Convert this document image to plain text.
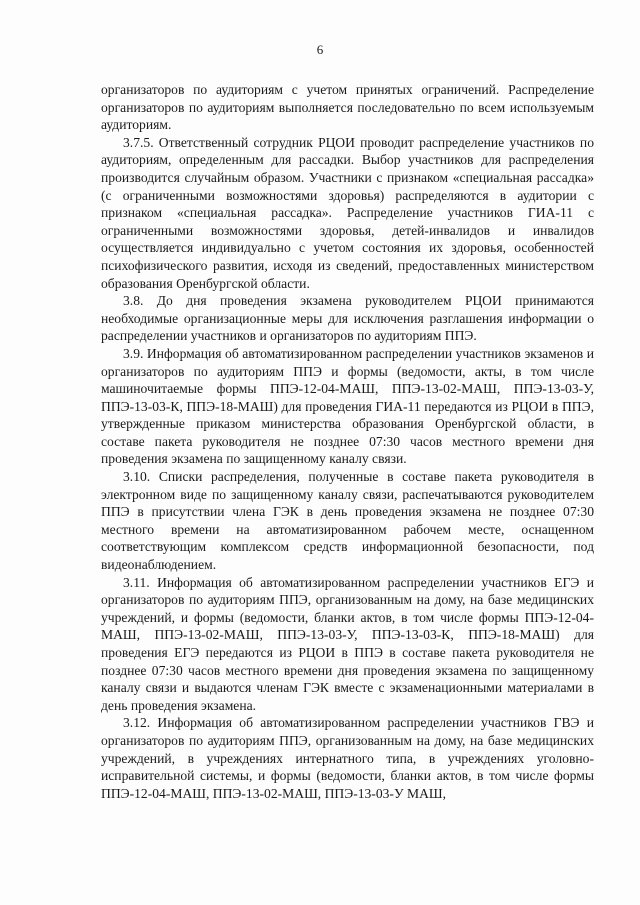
6

организаторов по аудиториям с учетом принятых ограничений. Распределение организаторов по аудиториям выполняется последовательно по всем используемым аудиториям.

3.7.5. Ответственный сотрудник РЦОИ проводит распределение участников по аудиториям, определенным для рассадки. Выбор участников для распределения производится случайным образом. Участники с признаком «специальная рассадка» (с ограниченными возможностями здоровья) распределяются в аудитории с признаком «специальная рассадка». Распределение участников ГИА-11 с ограниченными возможностями здоровья, детей-инвалидов и инвалидов осуществляется индивидуально с учетом состояния их здоровья, особенностей психофизического развития, исходя из сведений, предоставленных министерством образования Оренбургской области.

3.8. До дня проведения экзамена руководителем РЦОИ принимаются необходимые организационные меры для исключения разглашения информации о распределении участников и организаторов по аудиториям ППЭ.

3.9. Информация об автоматизированном распределении участников экзаменов и организаторов по аудиториям ППЭ и формы (ведомости, акты, в том числе машиночитаемые формы ППЭ-12-04-МАШ, ППЭ-13-02-МАШ, ППЭ-13-03-У, ППЭ-13-03-К, ППЭ-18-МАШ) для проведения ГИА-11 передаются из РЦОИ в ППЭ, утвержденные приказом министерства образования Оренбургской области, в составе пакета руководителя не позднее 07:30 часов местного времени дня проведения экзамена по защищенному каналу связи.

3.10. Списки распределения, полученные в составе пакета руководителя в электронном виде по защищенному каналу связи, распечатываются руководителем ППЭ в присутствии члена ГЭК в день проведения экзамена не позднее 07:30 местного времени на автоматизированном рабочем месте, оснащенном соответствующим комплексом средств информационной безопасности, под видеонаблюдением.

3.11. Информация об автоматизированном распределении участников ЕГЭ и организаторов по аудиториям ППЭ, организованным на дому, на базе медицинских учреждений, и формы (ведомости, бланки актов, в том числе формы ППЭ-12-04-МАШ, ППЭ-13-02-МАШ, ППЭ-13-03-У, ППЭ-13-03-К, ППЭ-18-МАШ) для проведения ЕГЭ передаются из РЦОИ в ППЭ в составе пакета руководителя не позднее 07:30 часов местного времени дня проведения экзамена по защищенному каналу связи и выдаются членам ГЭК вместе с экзаменационными материалами в день проведения экзамена.

3.12. Информация об автоматизированном распределении участников ГВЭ и организаторов по аудиториям ППЭ, организованным на дому, на базе медицинских учреждений, в учреждениях интернатного типа, в учреждениях уголовно-исправительной системы, и формы (ведомости, бланки актов, в том числе формы ППЭ-12-04-МАШ, ППЭ-13-02-МАШ, ППЭ-13-03-У МАШ,
